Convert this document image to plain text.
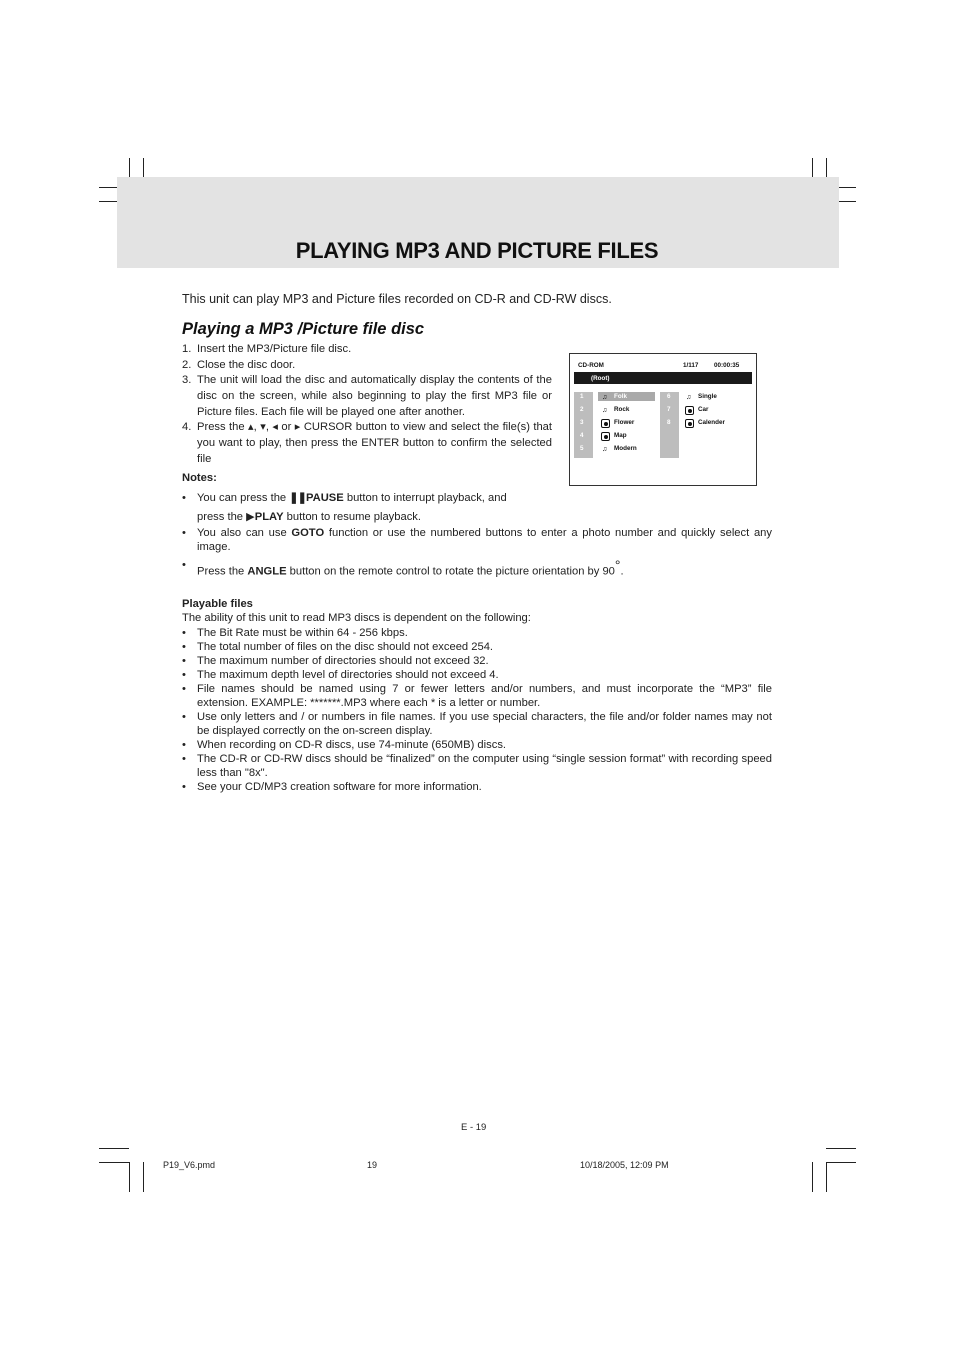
PLAYING MP3 AND PICTURE FILES
This unit can play MP3 and Picture files recorded on CD-R and CD-RW discs.
Playing a MP3 /Picture file disc
1. Insert the MP3/Picture file disc.
2. Close the disc door.
3. The unit will load the disc and automatically display the contents of the disc on the screen, while also beginning to play the first MP3 file or Picture files. Each file will be played one after another.
4. Press the ▴, ▾, ◂ or ▸ CURSOR button to view and select the file(s) that you want to play, then press the ENTER button to confirm the selected file
Notes:
• You can press the ❚❚PAUSE button to interrupt playback, and
press the ▶PLAY button to resume playback.
• You also can use GOTO function or use the numbered buttons to enter a photo number and quickly select any image.
•
Press the ANGLE button on the remote control to rotate the picture orientation by 90°.
CD-ROM	1/117 00:00:35
(Root)
1	♫ Folk
2	♫ Rock
3	Flower
4	Map
5	♫ Modern
6 ♫ Single
7	Car
8	Calender
Playable files
The ability of this unit to read MP3 discs is dependent on the following:
• The Bit Rate must be within 64 - 256 kbps.
• The total number of files on the disc should not exceed 254.
• The maximum number of directories should not exceed 32.
• The maximum depth level of directories should not exceed 4.
• File names should be named using 7 or fewer letters and/or numbers, and must incorporate the “MP3” file extension. EXAMPLE: *******.MP3 where each * is a letter or number.
• Use only letters and / or numbers in file names. If you use special characters, the file and/or folder names may not be displayed correctly on the on-screen display.
• When recording on CD-R discs, use 74-minute (650MB) discs.
• The CD-R or CD-RW discs should be “finalized” on the computer using “single session format” with recording speed less than "8x".
• See your CD/MP3 creation software for more information.
E - 19
P19_V6.pmd	19	10/18/2005, 12:09 PM
